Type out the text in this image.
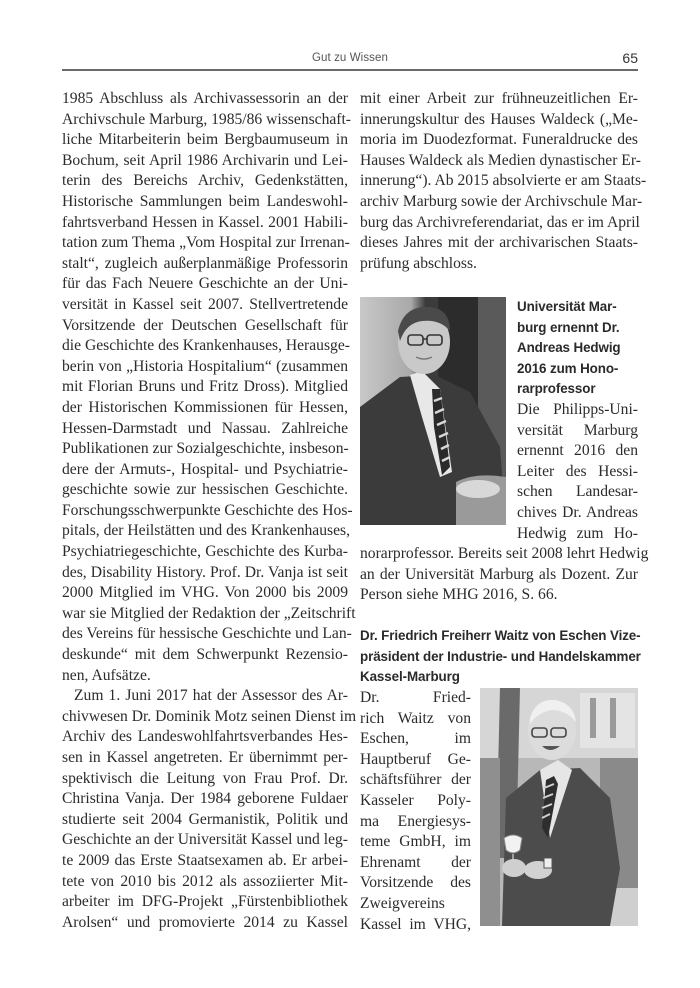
Gut zu Wissen	65
1985 Abschluss als Archivassessorin an der
Archivschule Marburg, 1985/86 wissenschaft-
liche Mitarbeiterin beim Bergbaumuseum in
Bochum, seit April 1986 Archivarin und Lei-
terin des Bereichs Archiv, Gedenkstätten,
Historische Sammlungen beim Landeswohl-
fahrtsverband Hessen in Kassel. 2001 Habili-
tation zum Thema „Vom Hospital zur Irrenan-
stalt“, zugleich außerplanmäßige Professorin
für das Fach Neuere Geschichte an der Uni-
versität in Kassel seit 2007. Stellvertretende
Vorsitzende der Deutschen Gesellschaft für
die Geschichte des Krankenhauses, Herausge-
berin von „Historia Hospitalium“ (zusammen
mit Florian Bruns und Fritz Dross). Mitglied
der Historischen Kommissionen für Hessen,
Hessen-Darmstadt und Nassau. Zahlreiche
Publikationen zur Sozialgeschichte, insbeson-
dere der Armuts-, Hospital- und Psychiatrie-
geschichte sowie zur hessischen Geschichte.
Forschungsschwerpunkte Geschichte des Hos-
pitals, der Heilstätten und des Krankenhauses,
Psychiatriegeschichte, Geschichte des Kurba-
des, Disability History. Prof. Dr. Vanja ist seit
2000 Mitglied im VHG. Von 2000 bis 2009
war sie Mitglied der Redaktion der „Zeitschrift
des Vereins für hessische Geschichte und Lan-
deskunde“ mit dem Schwerpunkt Rezensio-
nen, Aufsätze.
Zum 1. Juni 2017 hat der Assessor des Ar-
chivwesen Dr. Dominik Motz seinen Dienst im
Archiv des Landeswohlfahrtsverbandes Hes-
sen in Kassel angetreten. Er übernimmt per-
spektivisch die Leitung von Frau Prof. Dr.
Christina Vanja. Der 1984 geborene Fuldaer
studierte seit 2004 Germanistik, Politik und
Geschichte an der Universität Kassel und leg-
te 2009 das Erste Staatsexamen ab. Er arbei-
tete von 2010 bis 2012 als assoziierter Mit-
arbeiter im DFG-Projekt „Fürstenbibliothek
Arolsen“ und promovierte 2014 zu Kassel
mit einer Arbeit zur frühneuzeitlichen Er-
innerungskultur des Hauses Waldeck („Me-
moria im Duodezformat. Funeraldrucke des
Hauses Waldeck als Medien dynastischer Er-
innerung“). Ab 2015 absolvierte er am Staats-
archiv Marburg sowie der Archivschule Mar-
burg das Archivreferendariat, das er im April
dieses Jahres mit der archivarischen Staats-
prüfung abschloss.
Universität Mar-
burg ernennt Dr.
Andreas Hedwig
2016 zum Hono-
rarprofessor
Die Philipps-Uni-
versität Marburg
ernennt 2016 den
Leiter des Hessi-
schen Landesar-
chives Dr. Andreas
Hedwig zum Ho-
norarprofessor. Bereits seit 2008 lehrt Hedwig
an der Universität Marburg als Dozent. Zur
Person siehe MHG 2016, S. 66.
Dr. Friedrich Freiherr Waitz von Eschen Vize-
präsident der Industrie- und Handelskammer
Kassel-Marburg
Dr. Fried-
rich Waitz von
Eschen, im
Hauptberuf Ge-
schäftsführer der
Kasseler Poly-
ma Energiesys-
teme GmbH, im
Ehrenamt der
Vorsitzende des
Zweigvereins
Kassel im VHG,
